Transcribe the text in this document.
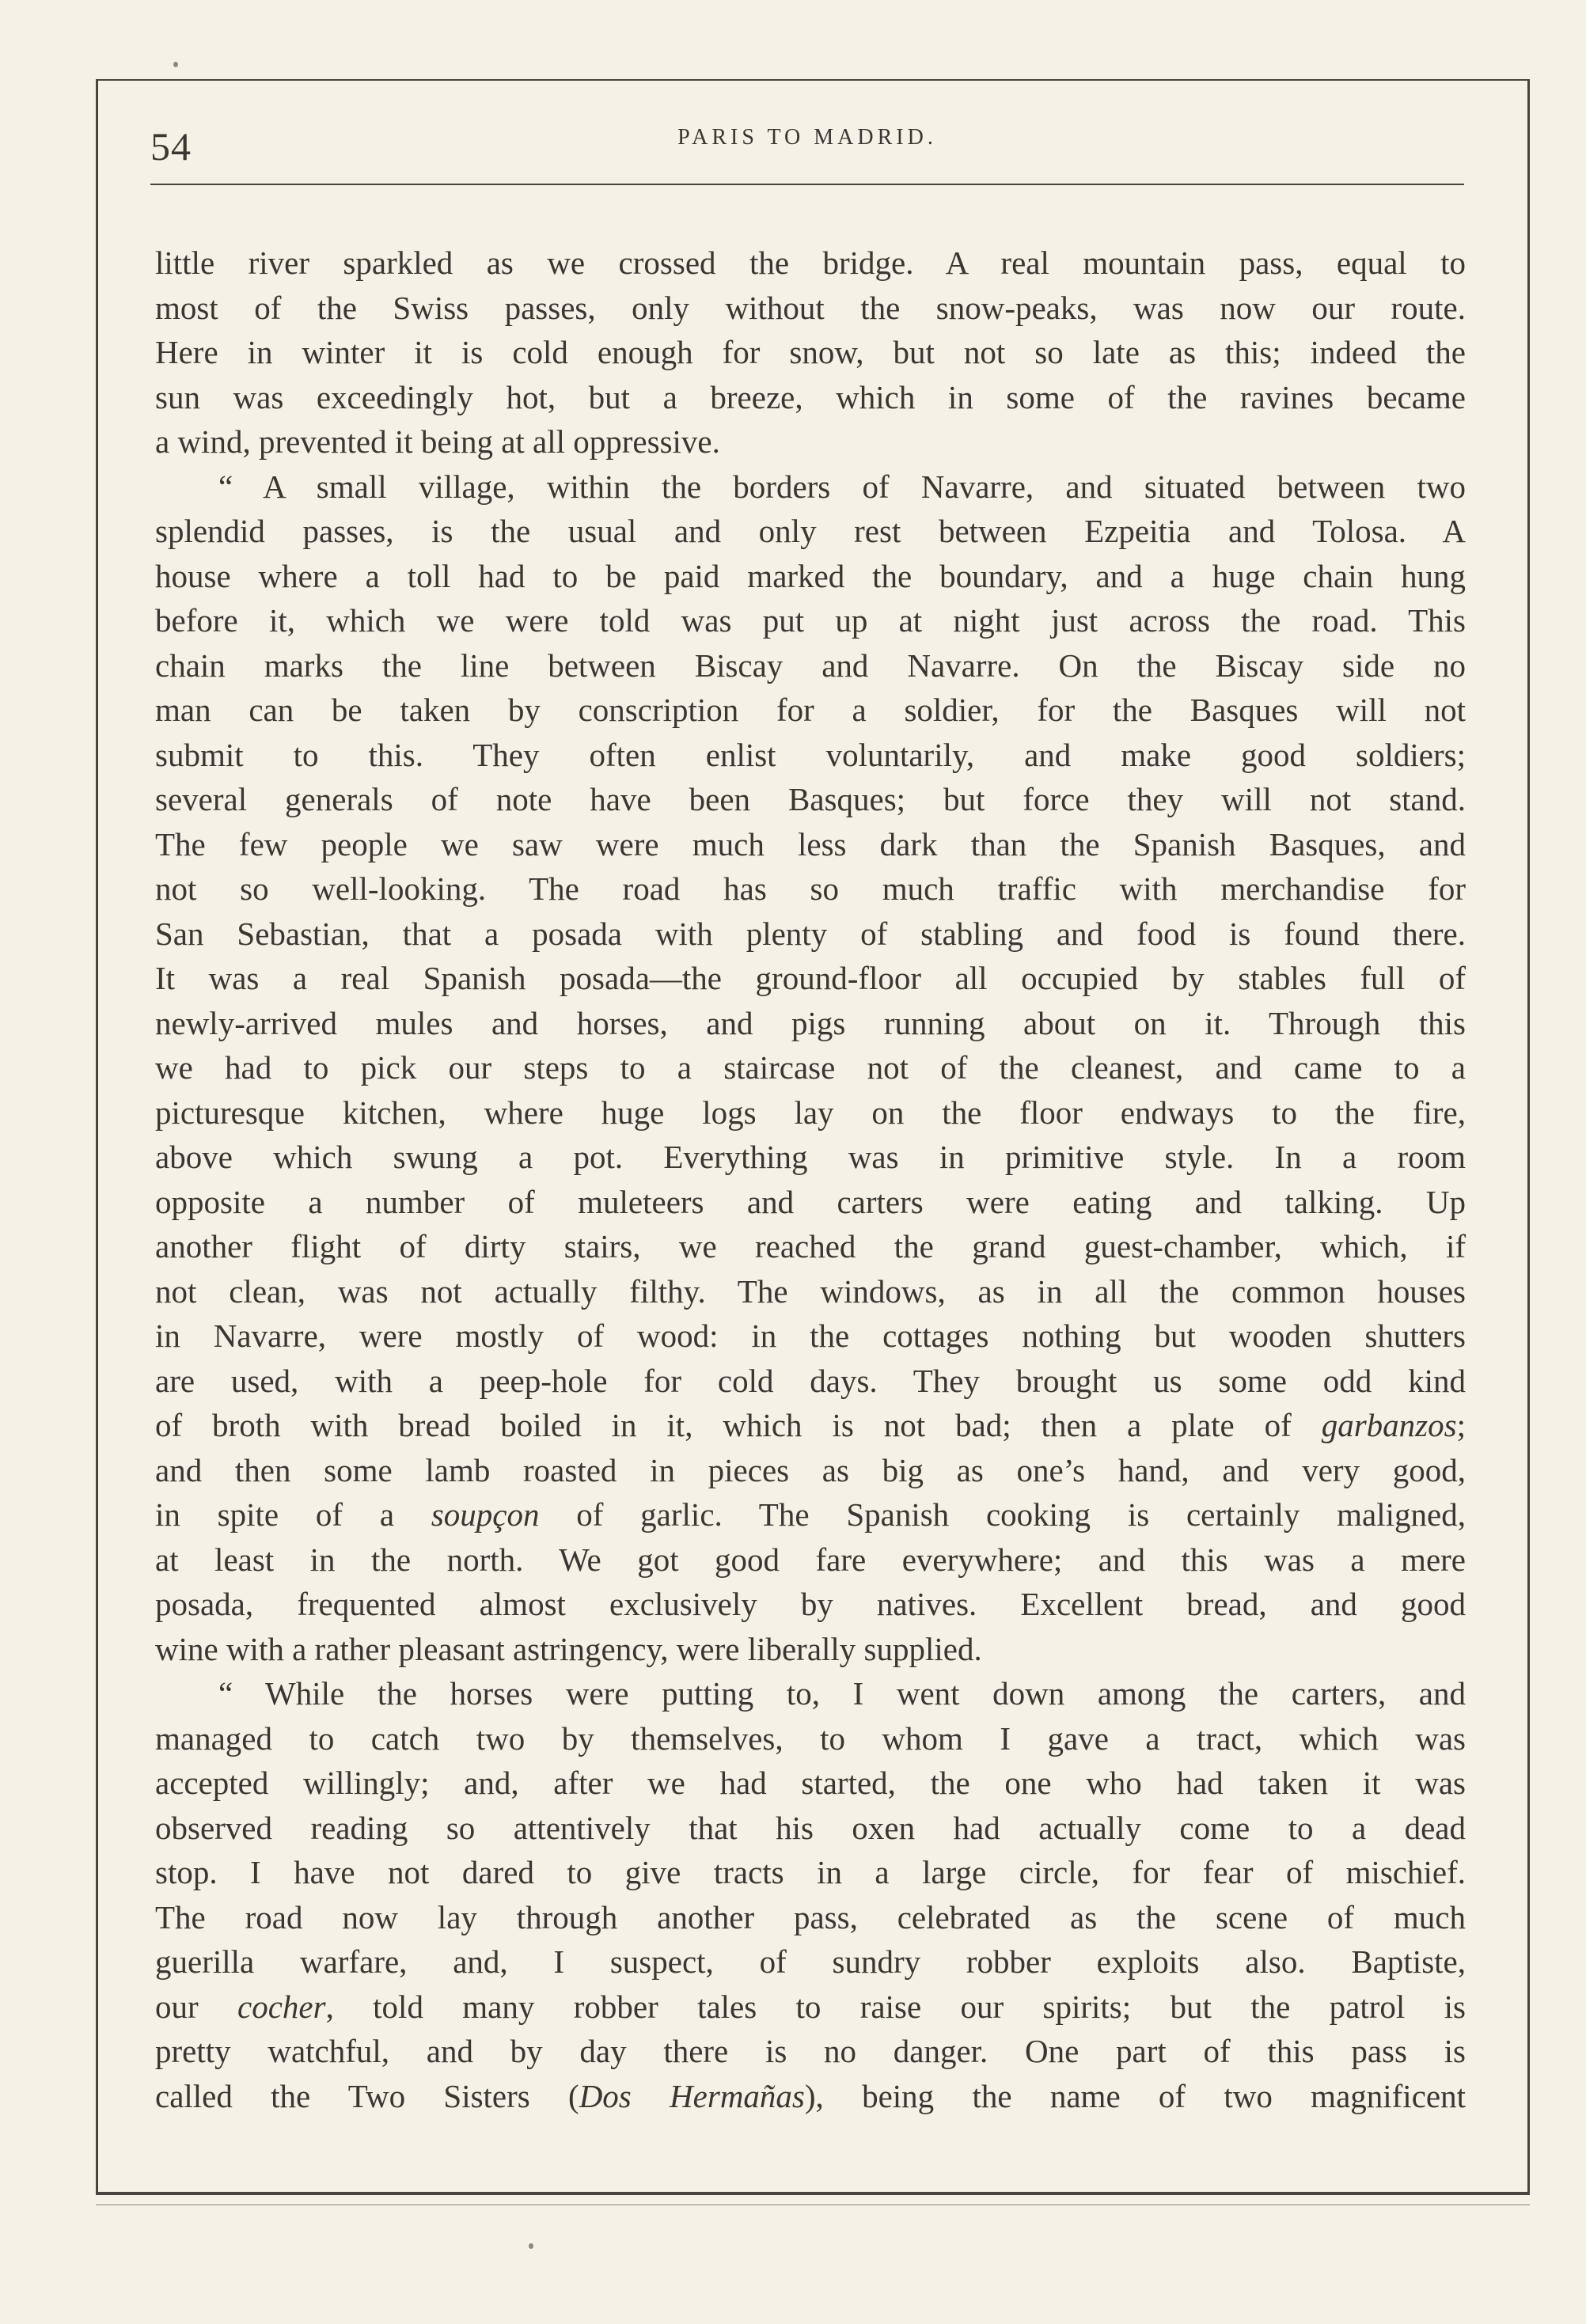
54	PARIS TO MADRID.
little river sparkled as we crossed the bridge. A real mountain pass, equal to
most of the Swiss passes, only without the snow-peaks, was now our route.
Here in winter it is cold enough for snow, but not so late as this; indeed the
sun was exceedingly hot, but a breeze, which in some of the ravines became
a wind, prevented it being at all oppressive.
“ A small village, within the borders of Navarre, and situated between two
splendid passes, is the usual and only rest between Ezpeitia and Tolosa. A
house where a toll had to be paid marked the boundary, and a huge chain hung
before it, which we were told was put up at night just across the road. This
chain marks the line between Biscay and Navarre. On the Biscay side no
man can be taken by conscription for a soldier, for the Basques will not
submit to this. They often enlist voluntarily, and make good soldiers;
several generals of note have been Basques; but force they will not stand.
The few people we saw were much less dark than the Spanish Basques, and
not so well-looking. The road has so much traffic with merchandise for
San Sebastian, that a posada with plenty of stabling and food is found there.
It was a real Spanish posada—the ground-floor all occupied by stables full of
newly-arrived mules and horses, and pigs running about on it. Through this
we had to pick our steps to a staircase not of the cleanest, and came to a
picturesque kitchen, where huge logs lay on the floor endways to the fire,
above which swung a pot. Everything was in primitive style. In a room
opposite a number of muleteers and carters were eating and talking. Up
another flight of dirty stairs, we reached the grand guest-chamber, which, if
not clean, was not actually filthy. The windows, as in all the common houses
in Navarre, were mostly of wood: in the cottages nothing but wooden shutters
are used, with a peep-hole for cold days. They brought us some odd kind
of broth with bread boiled in it, which is not bad; then a plate of garbanzos;
and then some lamb roasted in pieces as big as one’s hand, and very good,
in spite of a soupçon of garlic. The Spanish cooking is certainly maligned,
at least in the north. We got good fare everywhere; and this was a mere
posada, frequented almost exclusively by natives. Excellent bread, and good
wine with a rather pleasant astringency, were liberally supplied.
“ While the horses were putting to, I went down among the carters, and
managed to catch two by themselves, to whom I gave a tract, which was
accepted willingly; and, after we had started, the one who had taken it was
observed reading so attentively that his oxen had actually come to a dead
stop. I have not dared to give tracts in a large circle, for fear of mischief.
The road now lay through another pass, celebrated as the scene of much
guerilla warfare, and, I suspect, of sundry robber exploits also. Baptiste,
our cocher, told many robber tales to raise our spirits; but the patrol is
pretty watchful, and by day there is no danger. One part of this pass is
called the Two Sisters (Dos Hermañas), being the name of two magnificent
